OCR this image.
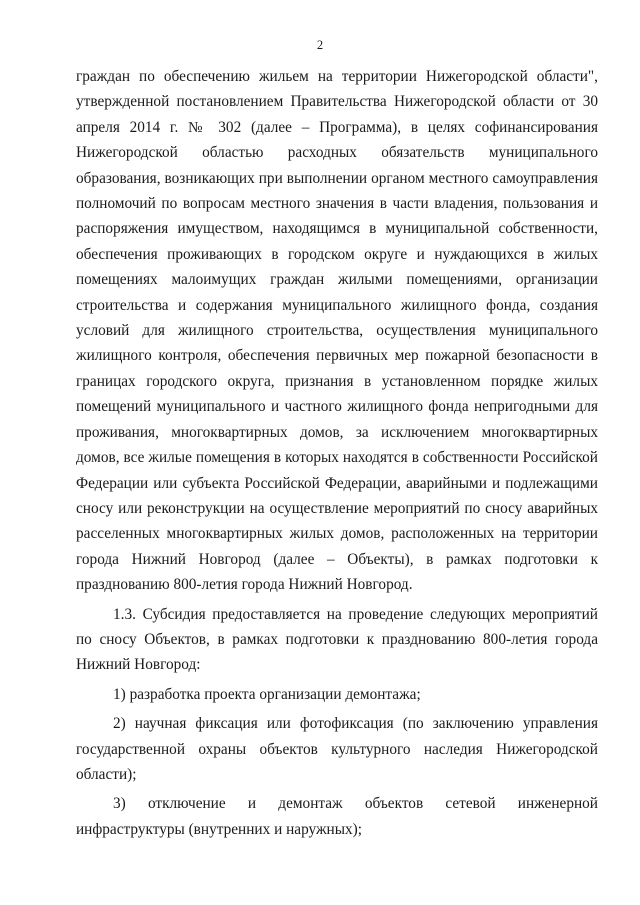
2

граждан по обеспечению жильем на территории Нижегородской области", утвержденной постановлением Правительства Нижегородской области от 30 апреля 2014 г. № 302 (далее – Программа), в целях софинансирования Нижегородской областью расходных обязательств муниципального образования, возникающих при выполнении органом местного самоуправления полномочий по вопросам местного значения в части владения, пользования и распоряжения имуществом, находящимся в муниципальной собственности, обеспечения проживающих в городском округе и нуждающихся в жилых помещениях малоимущих граждан жилыми помещениями, организации строительства и содержания муниципального жилищного фонда, создания условий для жилищного строительства, осуществления муниципального жилищного контроля, обеспечения первичных мер пожарной безопасности в границах городского округа, признания в установленном порядке жилых помещений муниципального и частного жилищного фонда непригодными для проживания, многоквартирных домов, за исключением многоквартирных домов, все жилые помещения в которых находятся в собственности Российской Федерации или субъекта Российской Федерации, аварийными и подлежащими сносу или реконструкции на осуществление мероприятий по сносу аварийных расселенных многоквартирных жилых домов, расположенных на территории города Нижний Новгород (далее – Объекты), в рамках подготовки к празднованию 800-летия города Нижний Новгород.

1.3. Субсидия предоставляется на проведение следующих мероприятий по сносу Объектов, в рамках подготовки к празднованию 800-летия города Нижний Новгород:

1) разработка проекта организации демонтажа;

2) научная фиксация или фотофиксация (по заключению управления государственной охраны объектов культурного наследия Нижегородской области);

3) отключение и демонтаж объектов сетевой инженерной инфраструктуры (внутренних и наружных);
